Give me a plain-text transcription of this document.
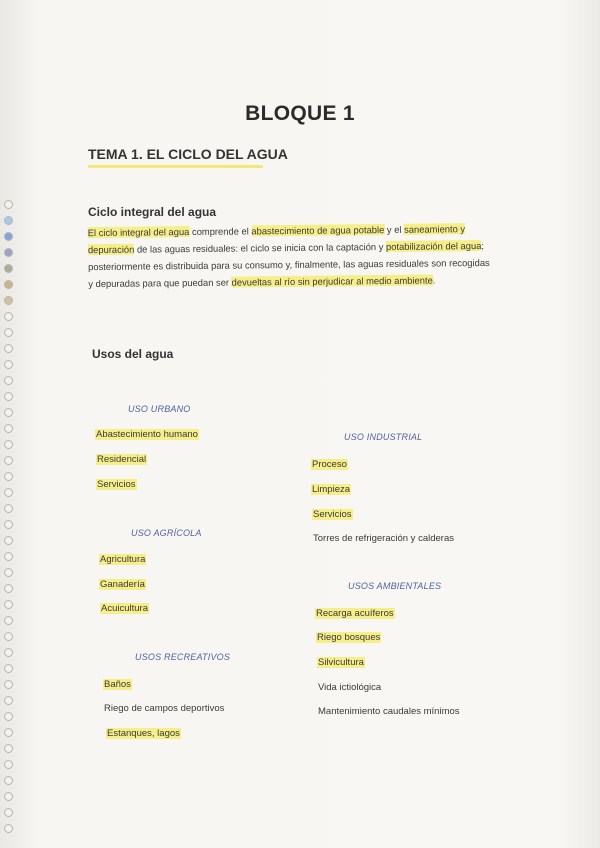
BLOQUE 1
TEMA 1. EL CICLO DEL AGUA
Ciclo integral del agua
El ciclo integral del agua comprende el abastecimiento de agua potable y el saneamiento y depuración de las aguas residuales: el ciclo se inicia con la captación y potabilización del agua; posteriormente es distribuida para su consumo y, finalmente, las aguas residuales son recogidas y depuradas para que puedan ser devueltas al río sin perjudicar al medio ambiente.
Usos del agua
USO URBANO
Abastecimiento humano
Residencial
Servicios
USO AGRÍCOLA
Agricultura
Ganadería
Acuicultura
USOS RECREATIVOS
Baños
Riego de campos deportivos
Estanques, lagos
USO INDUSTRIAL
Proceso
Limpieza
Servicios
Torres de refrigeración y calderas
USOS AMBIENTALES
Recarga acuíferos
Riego bosques
Silvicultura
Vida ictiológica
Mantenimiento caudales mínimos
